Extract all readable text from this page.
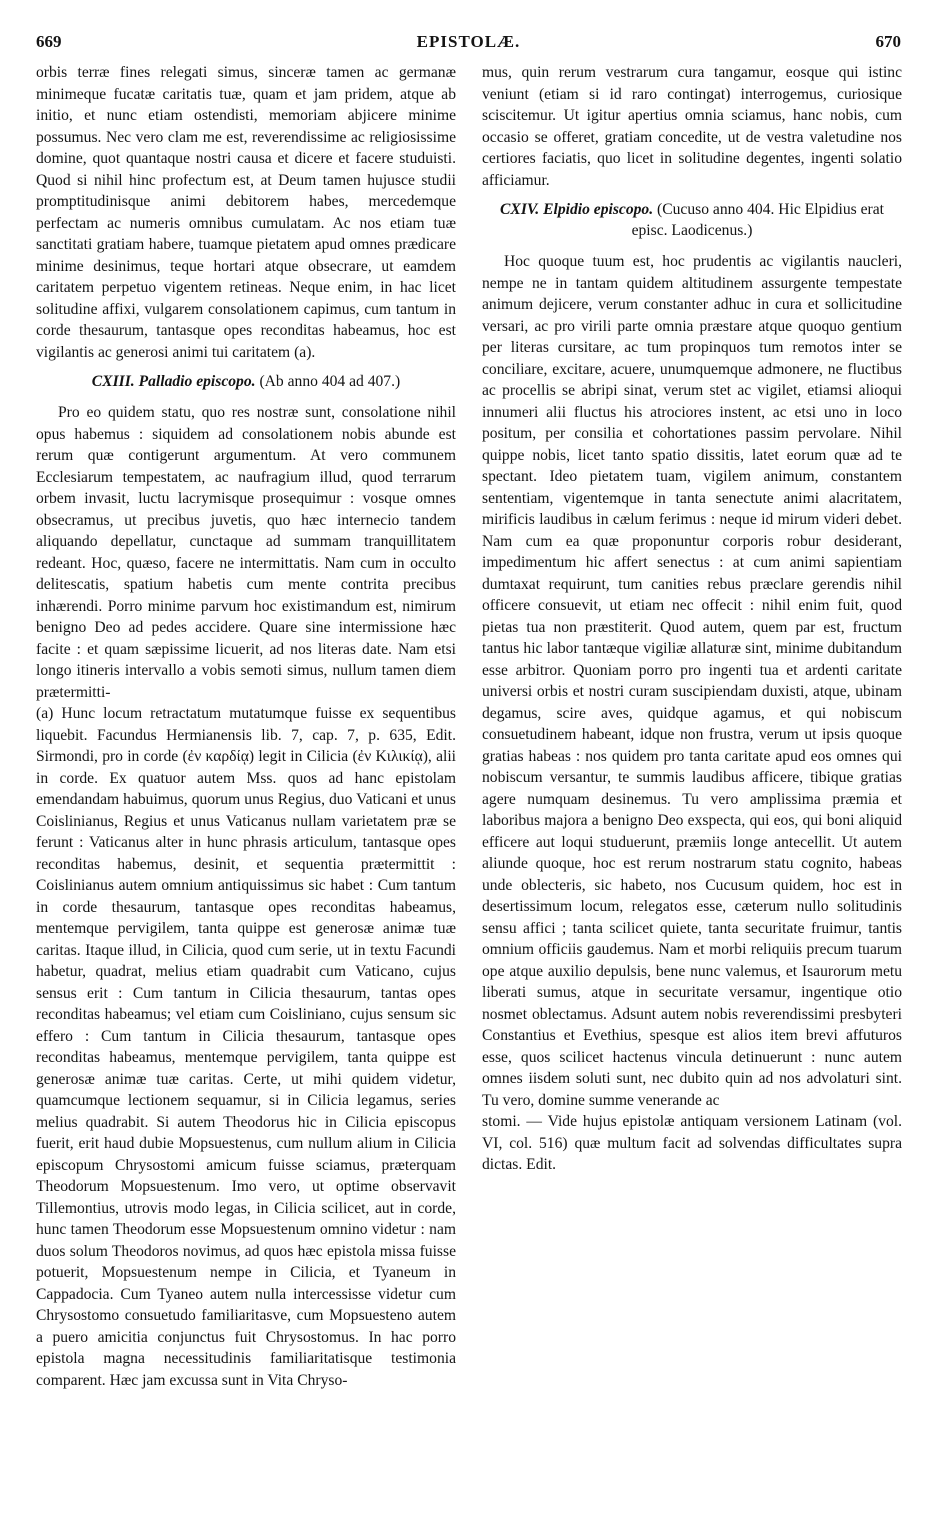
669	EPISTOLÆ.	670

orbis terræ fines relegati simus, sinceræ tamen ac germanæ minimeque fucatæ caritatis tuæ, quam et jam pridem, atque ab initio, et nunc etiam ostendisti, memoriam abjicere minime possumus. Nec vero clam me est, reverendissime ac religiosissime domine, quot quantaque nostri causa et dicere et facere studuisti. Quod si nihil hinc profectum est, at Deum tamen hujusce studii promptitudinisque animi debitorem habes, mercedemque perfectam ac numeris omnibus cumulatam. Ac nos etiam tuæ sanctitati gratiam habere, tuamque pietatem apud omnes prædicare minime desinimus, teque hortari atque obsecrare, ut eamdem caritatem perpetuo vigentem retineas. Neque enim, in hac licet solitudine affixi, vulgarem consolationem capimus, cum tantum in corde thesaurum, tantasque opes reconditas habeamus, hoc est vigilantis ac generosi animi tui caritatem (a).

CXIII. Palladio episcopo. (Ab anno 404 ad 407.)

Pro eo quidem statu, quo res nostræ sunt, consolatione nihil opus habemus : siquidem ad consolationem nobis abunde est rerum quæ contigerunt argumentum. At vero communem Ecclesiarum tempestatem, ac naufragium illud, quod terrarum orbem invasit, luctu lacrymisque prosequimur : vosque omnes obsecramus, ut precibus juvetis, quo hæc internecio tandem aliquando depellatur, cunctaque ad summam tranquillitatem redeant. Hoc, quæso, facere ne intermittatis. Nam cum in occulto delitescatis, spatium habetis cum mente contrita precibus inhærendi. Porro minime parvum hoc existimandum est, nimirum benigno Deo ad pedes accidere. Quare sine intermissione hæc facite : et quam sæpissime licuerit, ad nos literas date. Nam etsi longo itineris intervallo a vobis semoti simus, nullum tamen diem prætermitti-

(a) Hunc locum retractatum mutatumque fuisse ex sequentibus liquebit. Facundus Hermianensis lib. 7, cap. 7, p. 635, Edit. Sirmondi, pro in corde (ἐν καρδίᾳ) legit in Cilicia (ἐν Κιλικίᾳ), alii in corde. Ex quatuor autem Mss. quos ad hanc epistolam emendandam habuimus, quorum unus Regius, duo Vaticani et unus Coislinianus, Regius et unus Vaticanus nullam varietatem præ se ferunt : Vaticanus alter in hunc phrasis articulum, tantasque opes reconditas habemus, desinit, et sequentia prætermittit : Coislinianus autem omnium antiquissimus sic habet : Cum tantum in corde thesaurum, tantasque opes reconditas habeamus, mentemque pervigilem, tanta quippe est generosæ animæ tuæ caritas. Itaque illud, in Cilicia, quod cum serie, ut in textu Facundi habetur, quadrat, melius etiam quadrabit cum Vaticano, cujus sensus erit : Cum tantum in Cilicia thesaurum, tantas opes reconditas habeamus; vel etiam cum Coisliniano, cujus sensum sic effero : Cum tantum in Cilicia thesaurum, tantasque opes reconditas habeamus, mentemque pervigilem, tanta quippe est generosæ animæ tuæ caritas. Certe, ut mihi quidem videtur, quamcumque lectionem sequamur, si in Cilicia legamus, series melius quadrabit. Si autem Theodorus hic in Cilicia episcopus fuerit, erit haud dubie Mopsuestenus, cum nullum alium in Cilicia episcopum Chrysostomi amicum fuisse sciamus, præterquam Theodorum Mopsuestenum. Imo vero, ut optime observavit Tillemontius, utrovis modo legas, in Cilicia scilicet, aut in corde, hunc tamen Theodorum esse Mopsuestenum omnino videtur : nam duos solum Theodoros novimus, ad quos hæc epistola missa fuisse potuerit, Mopsuestenum nempe in Cilicia, et Tyaneum in Cappadocia. Cum Tyaneo autem nulla intercessisse videtur cum Chrysostomo consuetudo familiaritasve, cum Mopsuesteno autem a puero amicitia conjunctus fuit Chrysostomus. In hac porro epistola magna necessitudinis familiaritatisque testimonia comparent. Hæc jam excussa sunt in Vita Chryso-

mus, quin rerum vestrarum cura tangamur, eosque qui istinc veniunt (etiam si id raro contingat) interrogemus, curiosique sciscitemur. Ut igitur apertius omnia sciamus, hanc nobis, cum occasio se offeret, gratiam concedite, ut de vestra valetudine nos certiores faciatis, quo licet in solitudine degentes, ingenti solatio afficiamur.

CXIV. Elpidio episcopo. (Cucuso anno 404. Hic Elpidius erat episc. Laodicenus.)

Hoc quoque tuum est, hoc prudentis ac vigilantis naucleri, nempe ne in tantam quidem altitudinem assurgente tempestate animum dejicere, verum constanter adhuc in cura et sollicitudine versari, ac pro virili parte omnia præstare atque quoquo gentium per literas cursitare, ac tum propinquos tum remotos inter se conciliare, excitare, acuere, unumquemque admonere, ne fluctibus ac procellis se abripi sinat, verum stet ac vigilet, etiamsi alioqui innumeri alii fluctus his atrociores instent, ac etsi uno in loco positum, per consilia et cohortationes passim pervolare. Nihil quippe nobis, licet tanto spatio dissitis, latet eorum quæ ad te spectant. Ideo pietatem tuam, vigilem animum, constantem sententiam, vigentemque in tanta senectute animi alacritatem, mirificis laudibus in cælum ferimus : neque id mirum videri debet. Nam cum ea quæ proponuntur corporis robur desiderant, impedimentum hic affert senectus : at cum animi sapientiam dumtaxat requirunt, tum canities rebus præclare gerendis nihil officere consuevit, ut etiam nec offecit : nihil enim fuit, quod pietas tua non præstiterit. Quod autem, quem par est, fructum tantus hic labor tantæque vigiliæ allaturæ sint, minime dubitandum esse arbitror. Quoniam porro pro ingenti tua et ardenti caritate universi orbis et nostri curam suscipiendam duxisti, atque, ubinam degamus, scire aves, quidque agamus, et qui nobiscum consuetudinem habeant, idque non frustra, verum ut ipsis quoque gratias habeas : nos quidem pro tanta caritate apud eos omnes qui nobiscum versantur, te summis laudibus afficere, tibique gratias agere numquam desinemus. Tu vero amplissima præmia et laboribus majora a benigno Deo exspecta, qui eos, qui boni aliquid efficere aut loqui studuerunt, præmiis longe antecellit. Ut autem aliunde quoque, hoc est rerum nostrarum statu cognito, habeas unde oblecteris, sic habeto, nos Cucusum quidem, hoc est in desertissimum locum, relegatos esse, cæterum nullo solitudinis sensu affici ; tanta scilicet quiete, tanta securitate fruimur, tantis omnium officiis gaudemus. Nam et morbi reliquiis precum tuarum ope atque auxilio depulsis, bene nunc valemus, et Isaurorum metu liberati sumus, atque in securitate versamur, ingentique otio nosmet oblectamus. Adsunt autem nobis reverendissimi presbyteri Constantius et Evethius, spesque est alios item brevi affuturos esse, quos scilicet hactenus vincula detinuerunt : nunc autem omnes iisdem soluti sunt, nec dubito quin ad nos advolaturi sint. Tu vero, domine summe venerande ac

stomi. — Vide hujus epistolæ antiquam versionem Latinam (vol. VI, col. 516) quæ multum facit ad solvendas difficultates supra dictas. Edit.
